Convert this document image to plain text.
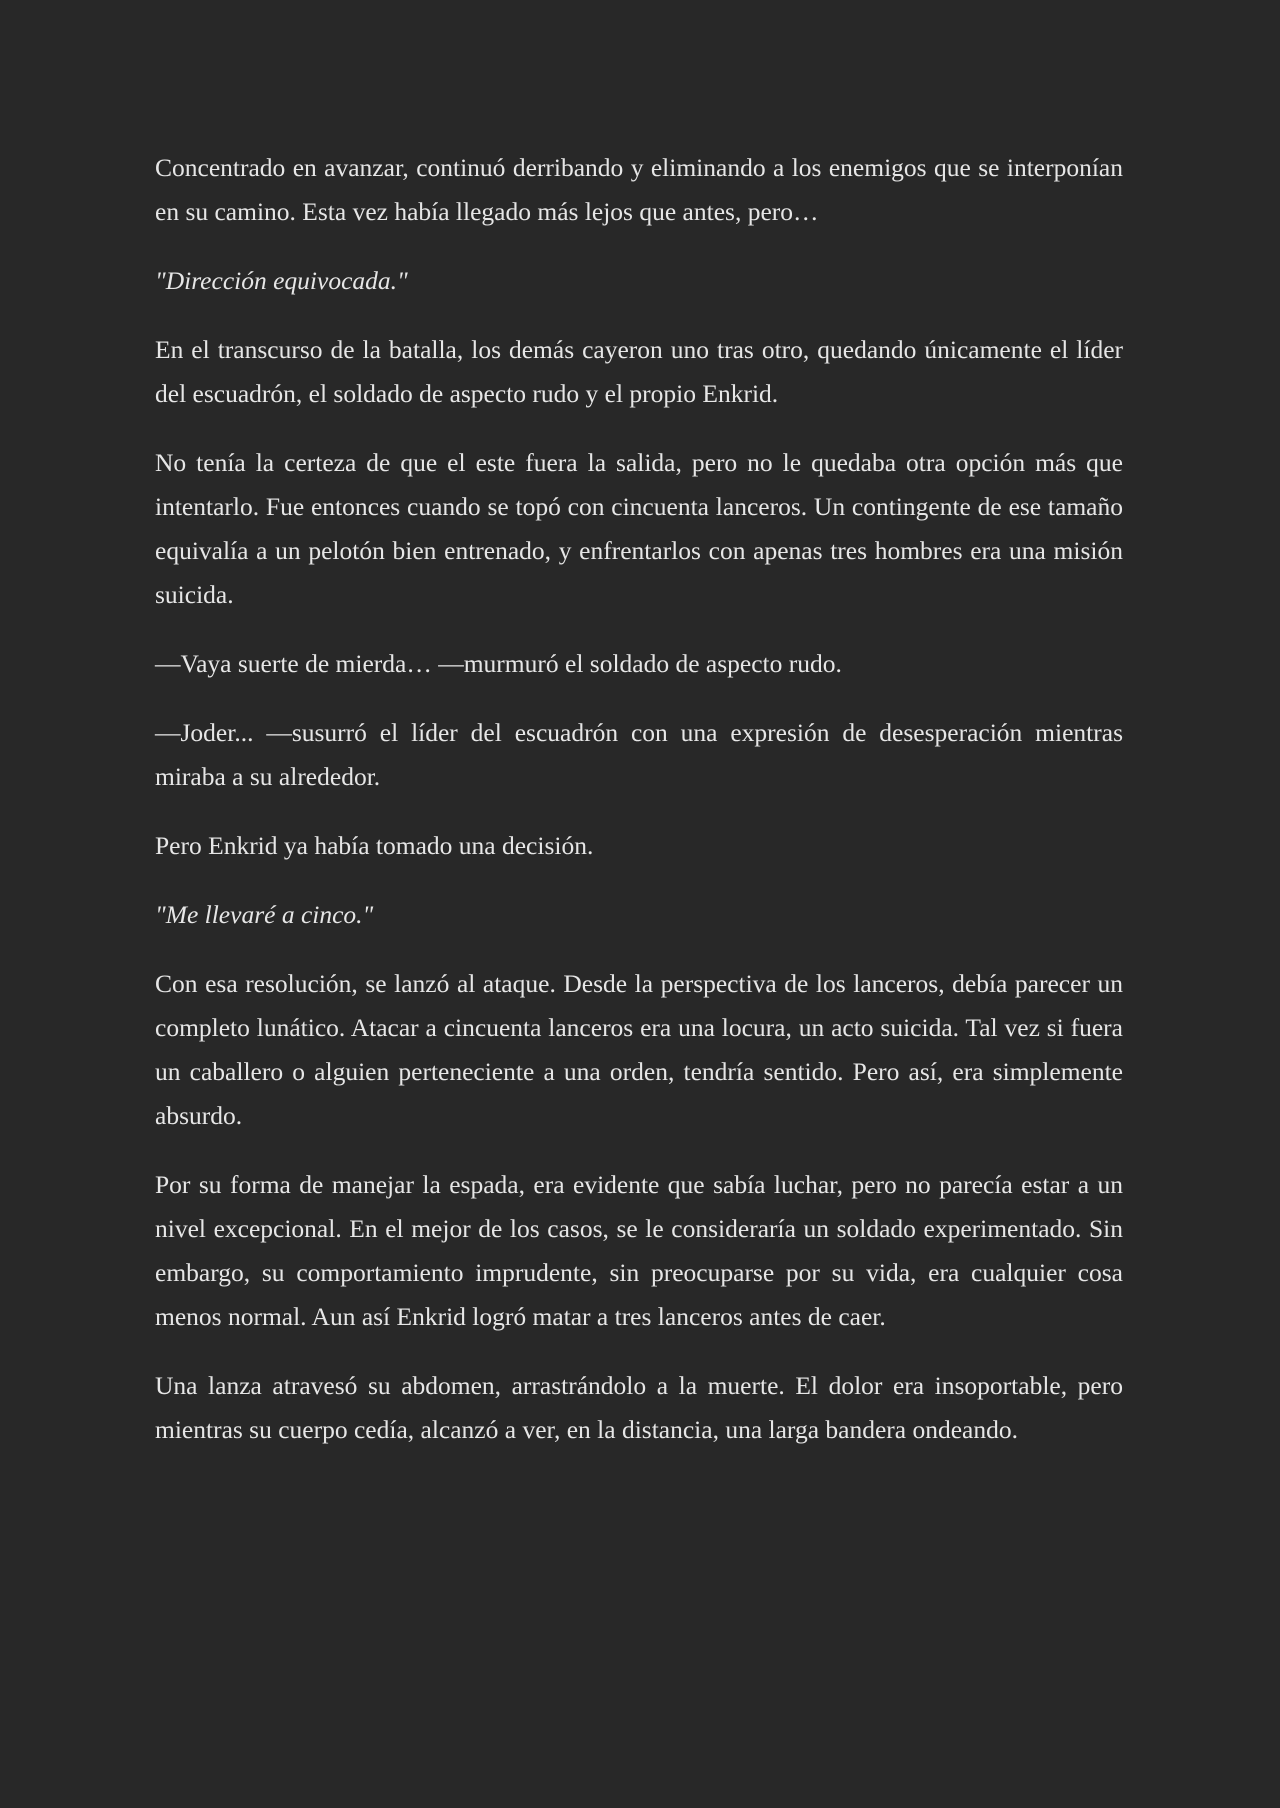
Concentrado en avanzar, continuó derribando y eliminando a los enemigos que se interponían en su camino. Esta vez había llegado más lejos que antes, pero…

"Dirección equivocada."

En el transcurso de la batalla, los demás cayeron uno tras otro, quedando únicamente el líder del escuadrón, el soldado de aspecto rudo y el propio Enkrid.

No tenía la certeza de que el este fuera la salida, pero no le quedaba otra opción más que intentarlo. Fue entonces cuando se topó con cincuenta lanceros. Un contingente de ese tamaño equivalía a un pelotón bien entrenado, y enfrentarlos con apenas tres hombres era una misión suicida.

—Vaya suerte de mierda… —murmuró el soldado de aspecto rudo.

—Joder... —susurró el líder del escuadrón con una expresión de desesperación mientras miraba a su alrededor.

Pero Enkrid ya había tomado una decisión.

"Me llevaré a cinco."

Con esa resolución, se lanzó al ataque. Desde la perspectiva de los lanceros, debía parecer un completo lunático. Atacar a cincuenta lanceros era una locura, un acto suicida. Tal vez si fuera un caballero o alguien perteneciente a una orden, tendría sentido. Pero así, era simplemente absurdo.

Por su forma de manejar la espada, era evidente que sabía luchar, pero no parecía estar a un nivel excepcional. En el mejor de los casos, se le consideraría un soldado experimentado. Sin embargo, su comportamiento imprudente, sin preocuparse por su vida, era cualquier cosa menos normal. Aun así Enkrid logró matar a tres lanceros antes de caer.

Una lanza atravesó su abdomen, arrastrándolo a la muerte. El dolor era insoportable, pero mientras su cuerpo cedía, alcanzó a ver, en la distancia, una larga bandera ondeando.
